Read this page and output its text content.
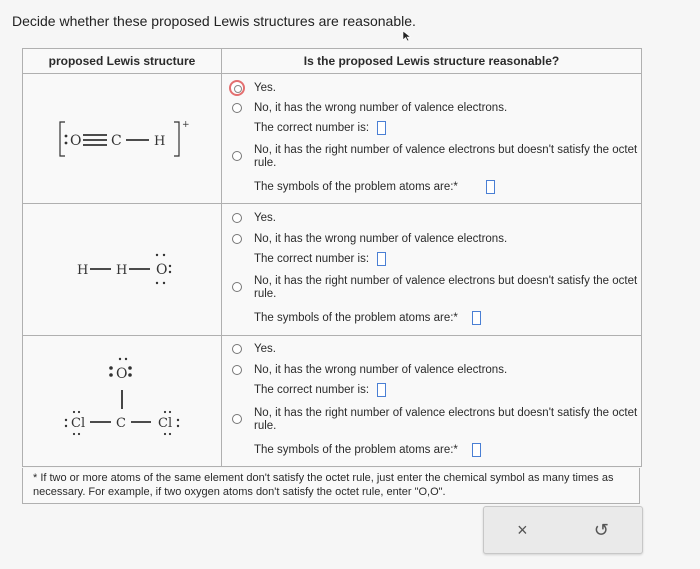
Decide whether these proposed Lewis structures are reasonable.
proposed Lewis structure	Is the proposed Lewis structure reasonable?
O C H
+
Yes.
No, it has the wrong number of valence electrons.
The correct number is:
No, it has the right number of valence electrons but doesn't satisfy the octet rule.
The symbols of the problem atoms are:*
H H O
Yes.
No, it has the wrong number of valence electrons.
The correct number is:
No, it has the right number of valence electrons but doesn't satisfy the octet rule.
The symbols of the problem atoms are:*
O
Cl C Cl
Yes.
No, it has the wrong number of valence electrons.
The correct number is:
No, it has the right number of valence electrons but doesn't satisfy the octet rule.
The symbols of the problem atoms are:*
* If two or more atoms of the same element don't satisfy the octet rule, just enter the chemical symbol as many times as necessary. For example, if two oxygen atoms don't satisfy the octet rule, enter "O,O".
×	↺
